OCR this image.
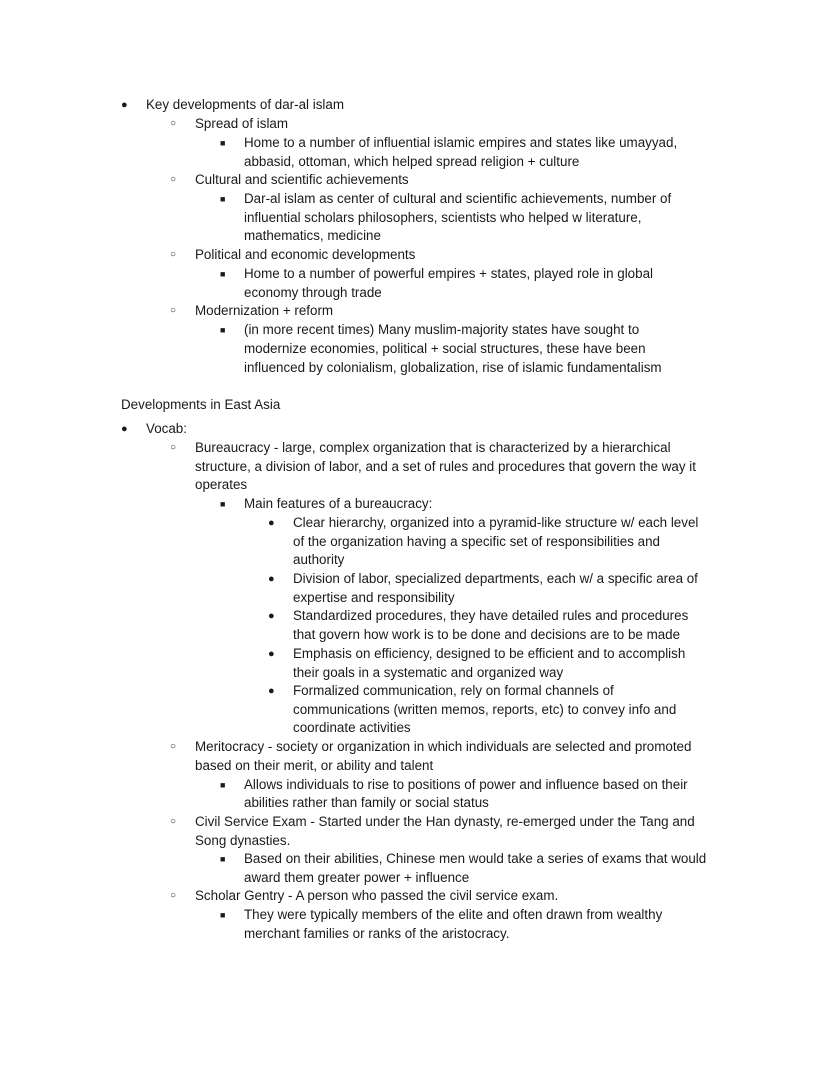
● Key developments of dar-al islam
○ Spread of islam
■ Home to a number of influential islamic empires and states like umayyad,
abbasid, ottoman, which helped spread religion + culture
○ Cultural and scientific achievements
■ Dar-al islam as center of cultural and scientific achievements, number of
influential scholars philosophers, scientists who helped w literature,
mathematics, medicine
○ Political and economic developments
■ Home to a number of powerful empires + states, played role in global
economy through trade
○ Modernization + reform
■ (in more recent times) Many muslim-majority states have sought to
modernize economies, political + social structures, these have been
influenced by colonialism, globalization, rise of islamic fundamentalism
Developments in East Asia
● Vocab:
○ Bureaucracy - large, complex organization that is characterized by a hierarchical
structure, a division of labor, and a set of rules and procedures that govern the way it
operates
■ Main features of a bureaucracy:
● Clear hierarchy, organized into a pyramid-like structure w/ each level
of the organization having a specific set of responsibilities and
authority
● Division of labor, specialized departments, each w/ a specific area of
expertise and responsibility
● Standardized procedures, they have detailed rules and procedures
that govern how work is to be done and decisions are to be made
● Emphasis on efficiency, designed to be efficient and to accomplish
their goals in a systematic and organized way
● Formalized communication, rely on formal channels of
communications (written memos, reports, etc) to convey info and
coordinate activities
○ Meritocracy - society or organization in which individuals are selected and promoted
based on their merit, or ability and talent
■ Allows individuals to rise to positions of power and influence based on their
abilities rather than family or social status
○ Civil Service Exam - Started under the Han dynasty, re-emerged under the Tang and
Song dynasties.
■ Based on their abilities, Chinese men would take a series of exams that would
award them greater power + influence
○ Scholar Gentry - A person who passed the civil service exam.
■ They were typically members of the elite and often drawn from wealthy
merchant families or ranks of the aristocracy.
